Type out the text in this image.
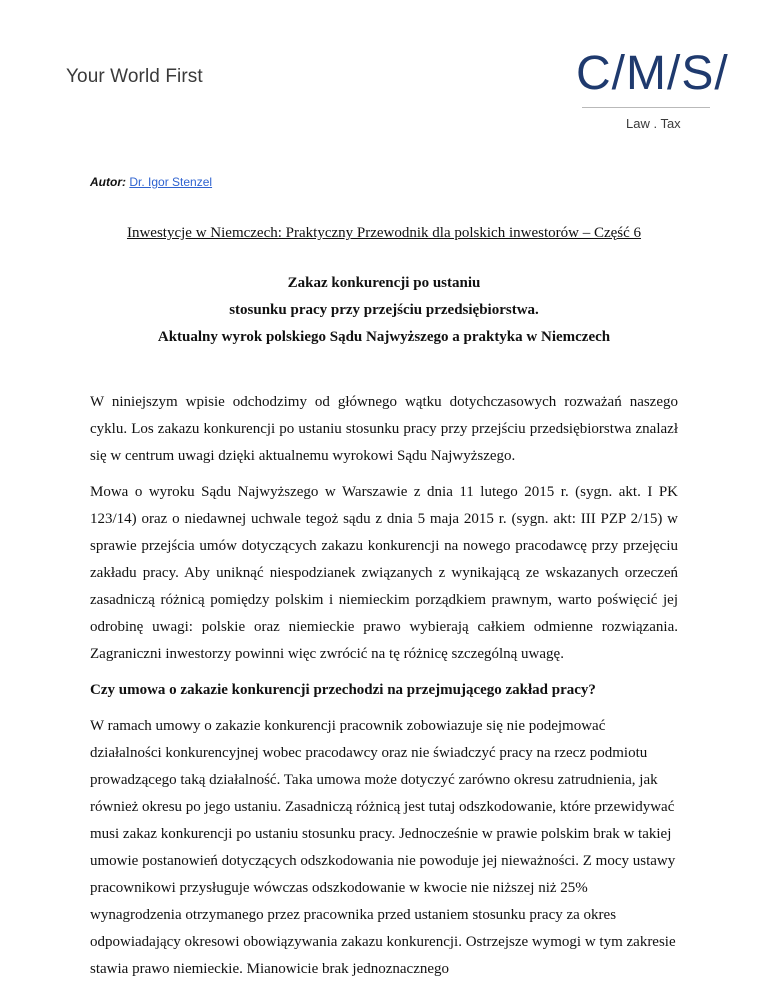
Your World First	C/M/S/
Law . Tax
Autor: Dr. Igor Stenzel
Inwestycje w Niemczech: Praktyczny Przewodnik dla polskich inwestorów – Część 6
Zakaz konkurencji po ustaniu
stosunku pracy przy przejściu przedsiębiorstwa.
Aktualny wyrok polskiego Sądu Najwyższego a praktyka w Niemczech

W niniejszym wpisie odchodzimy od głównego wątku dotychczasowych rozważań naszego cyklu. Los zakazu konkurencji po ustaniu stosunku pracy przy przejściu przedsiębiorstwa znalazł się w centrum uwagi dzięki aktualnemu wyrokowi Sądu Najwyższego.

Mowa o wyroku Sądu Najwyższego w Warszawie z dnia 11 lutego 2015 r. (sygn. akt. I PK 123/14) oraz o niedawnej uchwale tegoż sądu z dnia 5 maja 2015 r. (sygn. akt: III PZP 2/15) w sprawie przejścia umów dotyczących zakazu konkurencji na nowego pracodawcę przy przejęciu zakładu pracy. Aby uniknąć niespodzianek związanych z wynikającą ze wskazanych orzeczeń zasadniczą różnicą pomiędzy polskim i niemieckim porządkiem prawnym, warto poświęcić jej odrobinę uwagi: polskie oraz niemieckie prawo wybierają całkiem odmienne rozwiązania. Zagraniczni inwestorzy powinni więc zwrócić na tę różnicę szczególną uwagę.

Czy umowa o zakazie konkurencji przechodzi na przejmującego zakład pracy?

W ramach umowy o zakazie konkurencji pracownik zobowiazuje się nie podejmować działalności konkurencyjnej wobec pracodawcy oraz nie świadczyć pracy na rzecz podmiotu prowadzącego taką działalność. Taka umowa może dotyczyć zarówno okresu zatrudnienia, jak również okresu po jego ustaniu. Zasadniczą różnicą jest tutaj odszkodowanie, które przewidywać musi zakaz konkurencji po ustaniu stosunku pracy. Jednocześnie w prawie polskim brak w takiej umowie postanowień dotyczących odszkodowania nie powoduje jej nieważności. Z mocy ustawy pracownikowi przysługuje wówczas odszkodowanie w kwocie nie niższej niż 25% wynagrodzenia otrzymanego przez pracownika przed ustaniem stosunku pracy za okres odpowiadający okresowi obowiązywania zakazu konkurencji. Ostrzejsze wymogi w tym zakresie stawia prawo niemieckie. Mianowicie brak jednoznacznego
